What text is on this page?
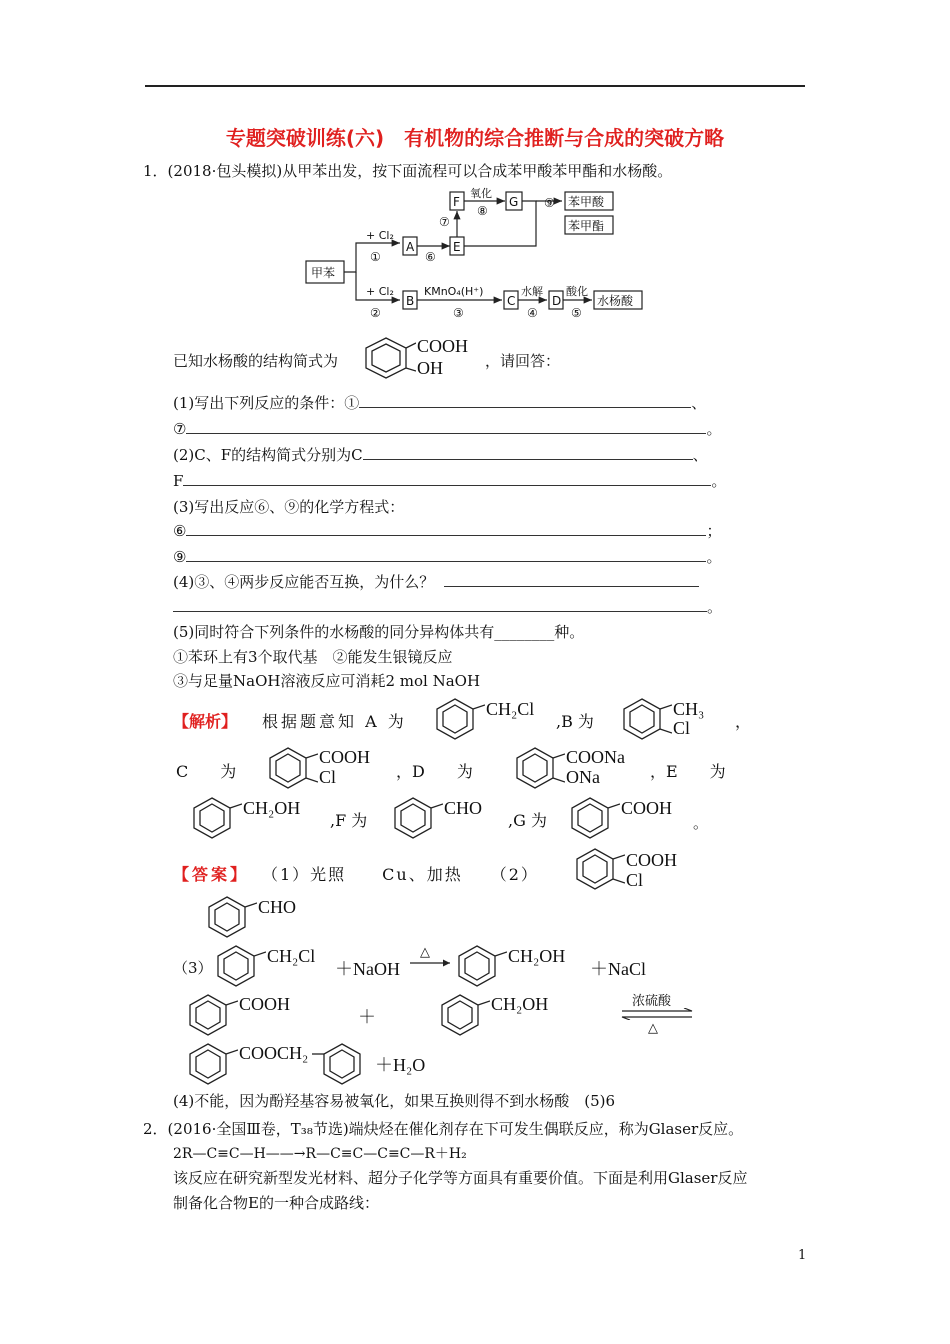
专题突破训练(六)　有机物的综合推断与合成的突破方略
1．(2018·包头模拟)从甲苯出发，按下面流程可以合成苯甲酸苯甲酯和水杨酸。
甲苯
A	E
F	G	苯甲酸
苯甲酯
B	C	D	水杨酸
+ Cl₂
①	⑥
⑦
氧化
⑧
⑨
+ Cl₂
②
KMnO₄(H⁺)
③
水解
④
酸化
⑤
已知水杨酸的结构简式为
COOH
OH	，请回答：
(1)写出下列反应的条件：①	、
⑦	。
(2)C、F的结构简式分别为C	、
F	。
(3)写出反应⑥、⑨的化学方程式：
⑥	；
⑨	。
(4)③、④两步反应能否互换，为什么？
。
(5)同时符合下列条件的水杨酸的同分异构体共有________种。
①苯环上有3个取代基　②能发生银镜反应
③与足量NaOH溶液反应可消耗2 mol NaOH
【解析】 根据题意知 A 为
CH₂Cl
,B 为
CH₃
Cl	，
C　　为
COOH
Cl	，D　　为
COONa
ONa	，E　　为
CH₂OH
,F 为
CHO
,G 为
COOH
。
【答案】 （1）光照　　Cu、加热　　（2）
COOH
Cl
CHO
（3）
CH₂Cl
＋NaOH
△	CH₂OH
＋NaCl
COOH
＋
CH₂OH	浓硫酸
△
COOCH₂
＋H₂O
(4)不能，因为酚羟基容易被氧化，如果互换则得不到水杨酸　(5)6
2．(2016·全国Ⅲ卷，T₃₈节选)端炔烃在催化剂存在下可发生偶联反应，称为Glaser反应。
2R—C≡C—H——→R—C≡C—C≡C—R＋H₂
该反应在研究新型发光材料、超分子化学等方面具有重要价值。下面是利用Glaser反应
制备化合物E的一种合成路线：
1
